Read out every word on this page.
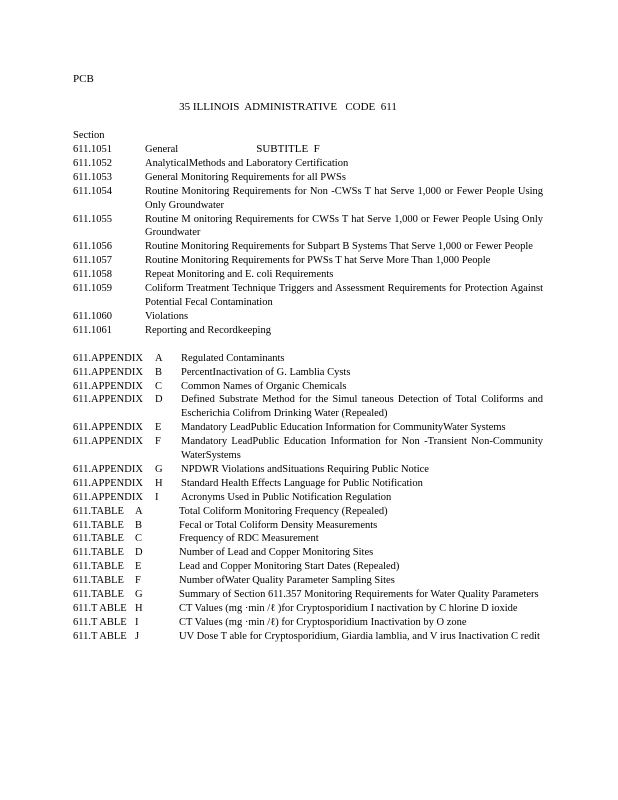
PCB

35 ILLINOIS  ADMINISTRATIVE   CODE  611

SUBTITLE  F

Section
611.1051	General
611.1052	AnalyticalMethods and Laboratory Certification
611.1053	General Monitoring Requirements for all PWSs
611.1054	Routine Monitoring Requirements for Non -CWSs T hat Serve 1,000 or Fewer People Using Only Groundwater
611.1055	Routine M onitoring Requirements for CWSs T hat Serve 1,000 or Fewer People Using Only Groundwater
611.1056	Routine Monitoring Requirements for Subpart B Systems That Serve 1,000 or Fewer People
611.1057	Routine Monitoring Requirements for PWSs T hat Serve More Than 1,000 People
611.1058	Repeat Monitoring and E. coli Requirements
611.1059	Coliform Treatment Technique Triggers and Assessment Requirements for Protection Against Potential Fecal Contamination
611.1060	Violations
611.1061	Reporting and Recordkeeping
611.APPENDIX	A	Regulated Contaminants
611.APPENDIX	B	PercentInactivation of G. Lamblia Cysts
611.APPENDIX	C	Common Names of Organic Chemicals
611.APPENDIX	D	Defined Substrate Method for the Simul taneous Detection of Total Coliforms and Escherichia Colifrom Drinking Water (Repealed)
611.APPENDIX	E	Mandatory LeadPublic Education Information for CommunityWater Systems
611.APPENDIX	F	Mandatory LeadPublic Education Information for Non -Transient Non-Community WaterSystems
611.APPENDIX	G	NPDWR Violations andSituations Requiring Public Notice
611.APPENDIX	H	Standard Health Effects Language for Public Notification
611.APPENDIX	I	Acronyms Used in Public Notification Regulation
611.TABLE	A	Total Coliform Monitoring Frequency (Repealed)
611.TABLE	B	Fecal or Total Coliform Density Measurements
611.TABLE	C	Frequency of RDC Measurement
611.TABLE	D	Number of Lead and Copper Monitoring Sites
611.TABLE	E	Lead and Copper Monitoring Start Dates (Repealed)
611.TABLE	F	Number ofWater Quality Parameter Sampling Sites
611.TABLE	G	Summary of Section 611.357 Monitoring Requirements for Water Quality Parameters
611.T ABLE H	CT Values (mg ·min /ℓ )for Cryptosporidium I nactivation by C hlorine D ioxide
611.T ABLE I	CT Values (mg ·min /ℓ) for Cryptosporidium Inactivation by O zone
611.T ABLE J	UV Dose T able for Cryptosporidium, Giardia lamblia, and V irus Inactivation C redit
